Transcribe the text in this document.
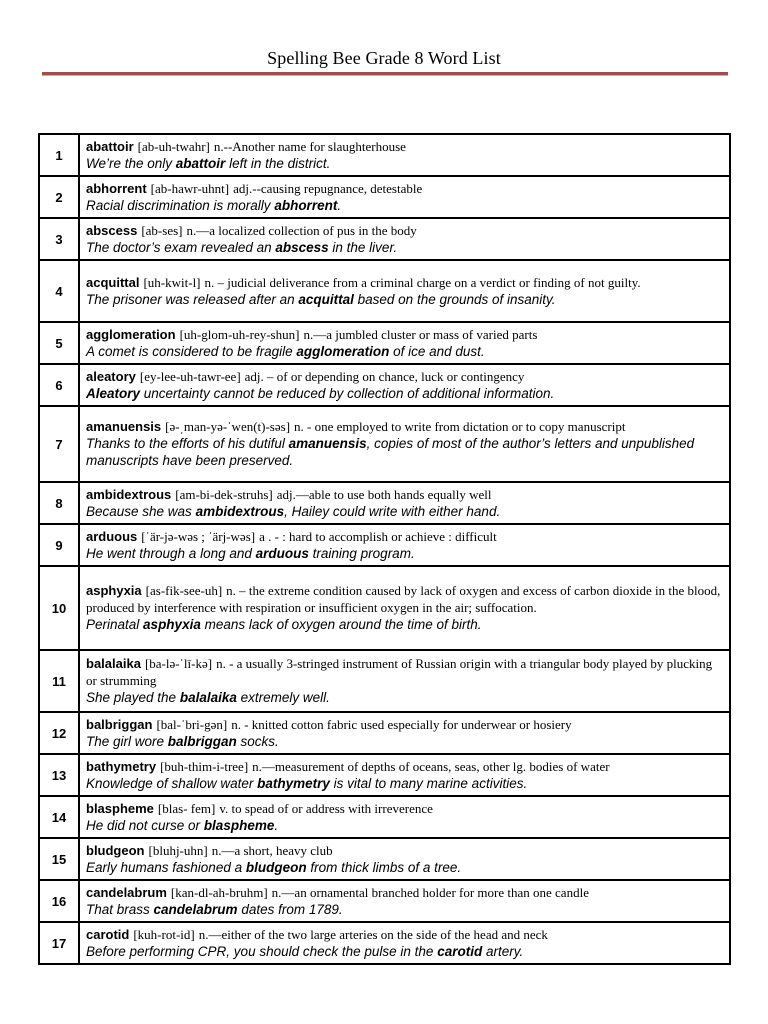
Spelling Bee Grade 8 Word List
1	abattoir [ab-uh-twahr] n.--Another name for slaughterhouse
We’re the only abattoir left in the district.

2	abhorrent [ab-hawr-uhnt] adj.--causing repugnance, detestable
Racial discrimination is morally abhorrent.

3	abscess [ab-ses] n.—a localized collection of pus in the body
The doctor’s exam revealed an abscess in the liver.

4	acquittal [uh-kwit-l] n. – judicial deliverance from a criminal charge on a verdict or finding of not guilty.
The prisoner was released after an acquittal based on the grounds of insanity.

5	agglomeration [uh-glom-uh-rey-shun] n.—a jumbled cluster or mass of varied parts
A comet is considered to be fragile agglomeration of ice and dust.

6	aleatory [ey-lee-uh-tawr-ee] adj. – of or depending on chance, luck or contingency
Aleatory uncertainty cannot be reduced by collection of additional information.

7	amanuensis [ə-ˌman-yə-ˈwen(t)-səs] n. - one employed to write from dictation or to copy manuscript
Thanks to the efforts of his dutiful amanuensis, copies of most of the author’s letters and unpublished manuscripts have been preserved.

8	ambidextrous [am-bi-dek-struhs] adj.—able to use both hands equally well
Because she was ambidextrous, Hailey could write with either hand.

9	arduous [ˈär-jə-wəs ; ˈärj-wəs] a . - : hard to accomplish or achieve : difficult
He went through a long and arduous training program.

10	asphyxia [as-fik-see-uh] n. – the extreme condition caused by lack of oxygen and excess of carbon dioxide in the blood, produced by interference with respiration or insufficient oxygen in the air; suffocation.
Perinatal asphyxia means lack of oxygen around the time of birth.

11	balalaika [ba-lə-ˈlī-kə] n. - a usually 3-stringed instrument of Russian origin with a triangular body played by plucking or strumming
She played the balalaika extremely well.

12	balbriggan [bal-ˈbri-gən] n. - knitted cotton fabric used especially for underwear or hosiery
The girl wore balbriggan socks.

13	bathymetry [buh-thim-i-tree] n.—measurement of depths of oceans, seas, other lg. bodies of water
Knowledge of shallow water bathymetry is vital to many marine activities.

14	blaspheme [blas- fem] v. to spead of or address with irreverence
He did not curse or blaspheme.

15	bludgeon [bluhj-uhn] n.—a short, heavy club
Early humans fashioned a bludgeon from thick limbs of a tree.

16	candelabrum [kan-dl-ah-bruhm] n.—an ornamental branched holder for more than one candle
That brass candelabrum dates from 1789.

17	carotid [kuh-rot-id] n.—either of the two large arteries on the side of the head and neck
Before performing CPR, you should check the pulse in the carotid artery.
